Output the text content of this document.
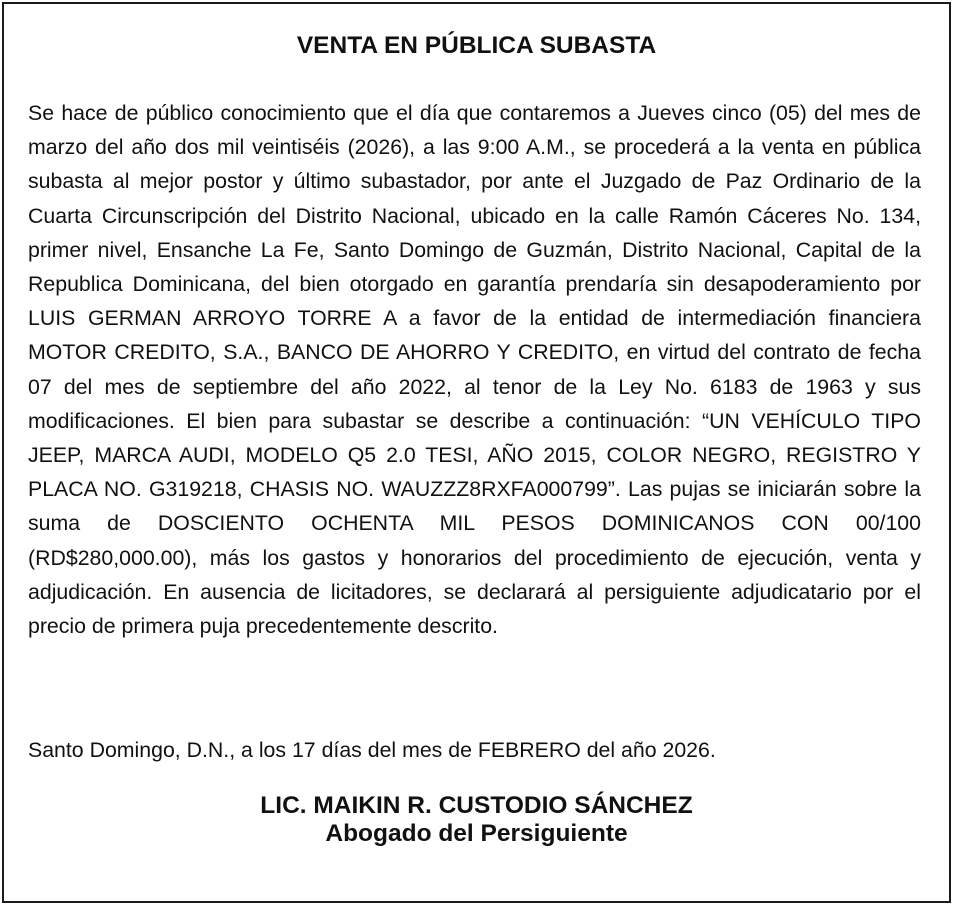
VENTA EN PÚBLICA SUBASTA

Se hace de público conocimiento que el día que contaremos a Jueves cinco (05) del mes de marzo del año dos mil veintiséis (2026), a las 9:00 A.M., se procederá a la venta en pública subasta al mejor postor y último subastador, por ante el Juzgado de Paz Ordinario de la Cuarta Circunscripción del Distrito Nacional, ubicado en la calle Ramón Cáceres No. 134, primer nivel, Ensanche La Fe, Santo Domingo de Guzmán, Distrito Nacional, Capital de la Republica Dominicana, del bien otorgado en garantía prendaría sin desapoderamiento por LUIS GERMAN ARROYO TORRE A a favor de la entidad de intermediación financiera MOTOR CREDITO, S.A., BANCO DE AHORRO Y CREDITO, en virtud del contrato de fecha 07 del mes de septiembre del año 2022, al tenor de la Ley No. 6183 de 1963 y sus modificaciones. El bien para subastar se describe a continuación: “UN VEHÍCULO TIPO JEEP, MARCA AUDI, MODELO Q5 2.0 TESI, AÑO 2015, COLOR NEGRO, REGISTRO Y PLACA NO. G319218, CHASIS NO. WAUZZZ8RXFA000799”. Las pujas se iniciarán sobre la suma de DOSCIENTO OCHENTA MIL PESOS DOMINICANOS CON 00/100 (RD$280,000.00), más los gastos y honorarios del procedimiento de ejecución, venta y adjudicación. En ausencia de licitadores, se declarará al persiguiente adjudicatario por el precio de primera puja precedentemente descrito.

Santo Domingo, D.N., a los 17 días del mes de FEBRERO del año 2026.

LIC. MAIKIN R. CUSTODIO SÁNCHEZ
Abogado del Persiguiente
